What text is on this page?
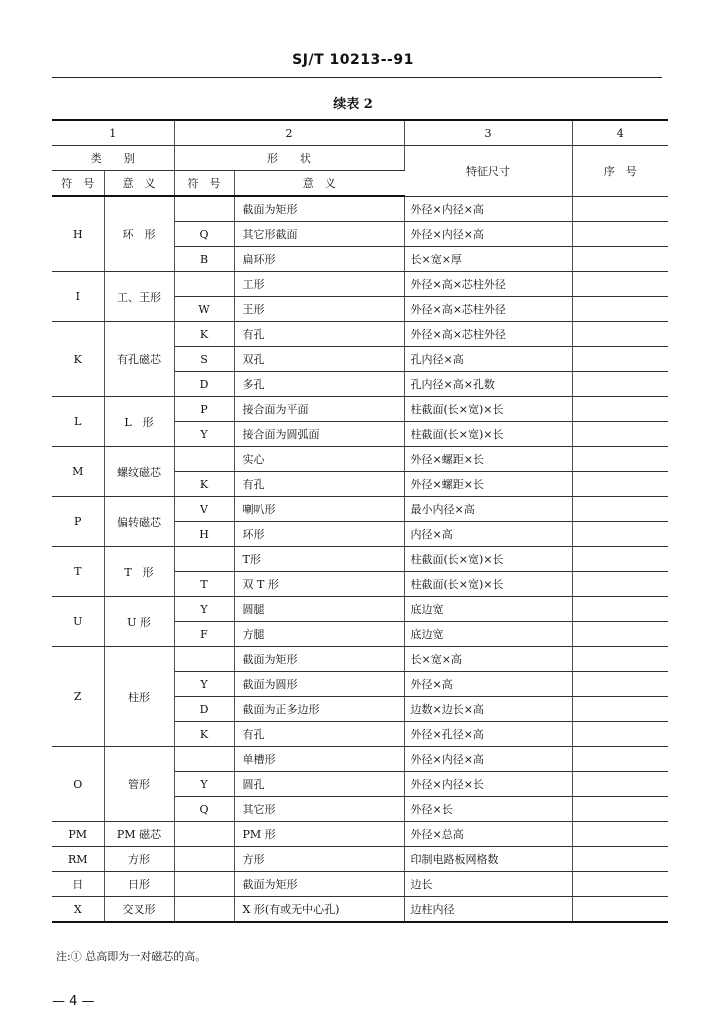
SJ/T 10213--91
续表 2
1		2		3	4
类　　别		形　　状		特征尺寸	序　号
符　号	意　义	符　号	意　义		
H	环　形		截面为矩形	外径×内径×高	
		Q	其它形截面	外径×内径×高	
		B	扁环形	长×宽×厚	
I	工、王形		工形	外径×高×芯柱外径	
		W	王形	外径×高×芯柱外径	
K	有孔磁芯	K	有孔	外径×高×芯柱外径	
		S	双孔	孔内径×高	
		D	多孔	孔内径×高×孔数	
L	L　形	P	接合面为平面	柱截面(长×宽)×长	
		Y	接合面为圆弧面	柱截面(长×宽)×长	
M	螺纹磁芯		实心	外径×螺距×长	
		K	有孔	外径×螺距×长	
P	偏转磁芯	V	喇叭形	最小内径×高	
		H	环形	内径×高	
T	T　形		T形	柱截面(长×宽)×长	
		T	双 T 形	柱截面(长×宽)×长	
U	U 形	Y	圆腿	底边宽	
		F	方腿	底边宽	
Z	柱形		截面为矩形	长×宽×高	
		Y	截面为圆形	外径×高	
		D	截面为正多边形	边数×边长×高	
		K	有孔	外径×孔径×高	
O	管形		单槽形	外径×内径×高	
		Y	圆孔	外径×内径×长	
		Q	其它形	外径×长	
PM	PM 磁芯		PM 形	外径×总高	
RM	方形		方形	印制电路板网格数	
日	日形		截面为矩形	边长	
X	交叉形		X 形(有或无中心孔)	边柱内径	
注:① 总高即为一对磁芯的高。
— 4 —
